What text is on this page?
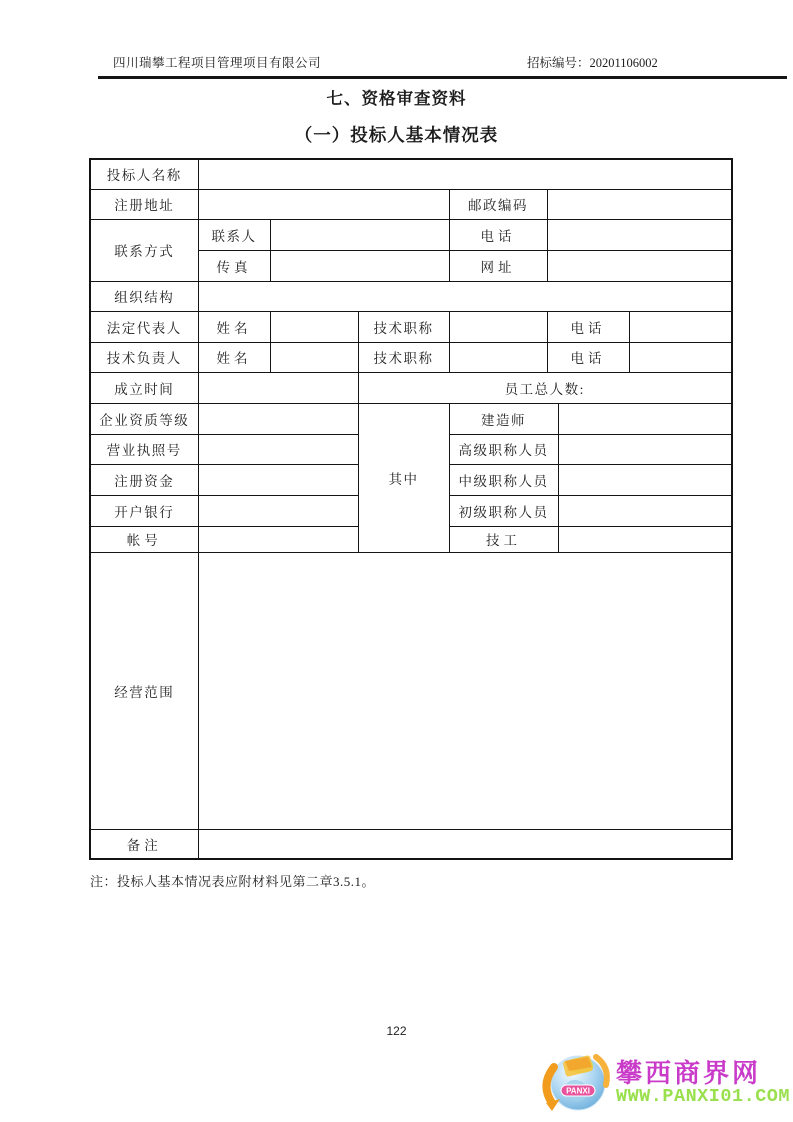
四川瑞攀工程项目管理项目有限公司	招标编号：20201106002
七、资格审查资料
（一）投标人基本情况表
投标人名称							
注册地址				邮政编码			
联系方式	联系人			电话			
	传真			网址			
组织结构							
法定代表人	姓名		技术职称		电话		
技术负责人	姓名		技术职称		电话		
成立时间			员工总人数:				
企业资质等级			其中	建造师			
营业执照号				高级职称人员			
注册资金				中级职称人员			
开户银行				初级职称人员			
帐号				技工			
经营范围							
备注							
注：投标人基本情况表应附材料见第二章3.5.1。
122
PANXI
攀西商界网
WWW.PANXI01.COM
